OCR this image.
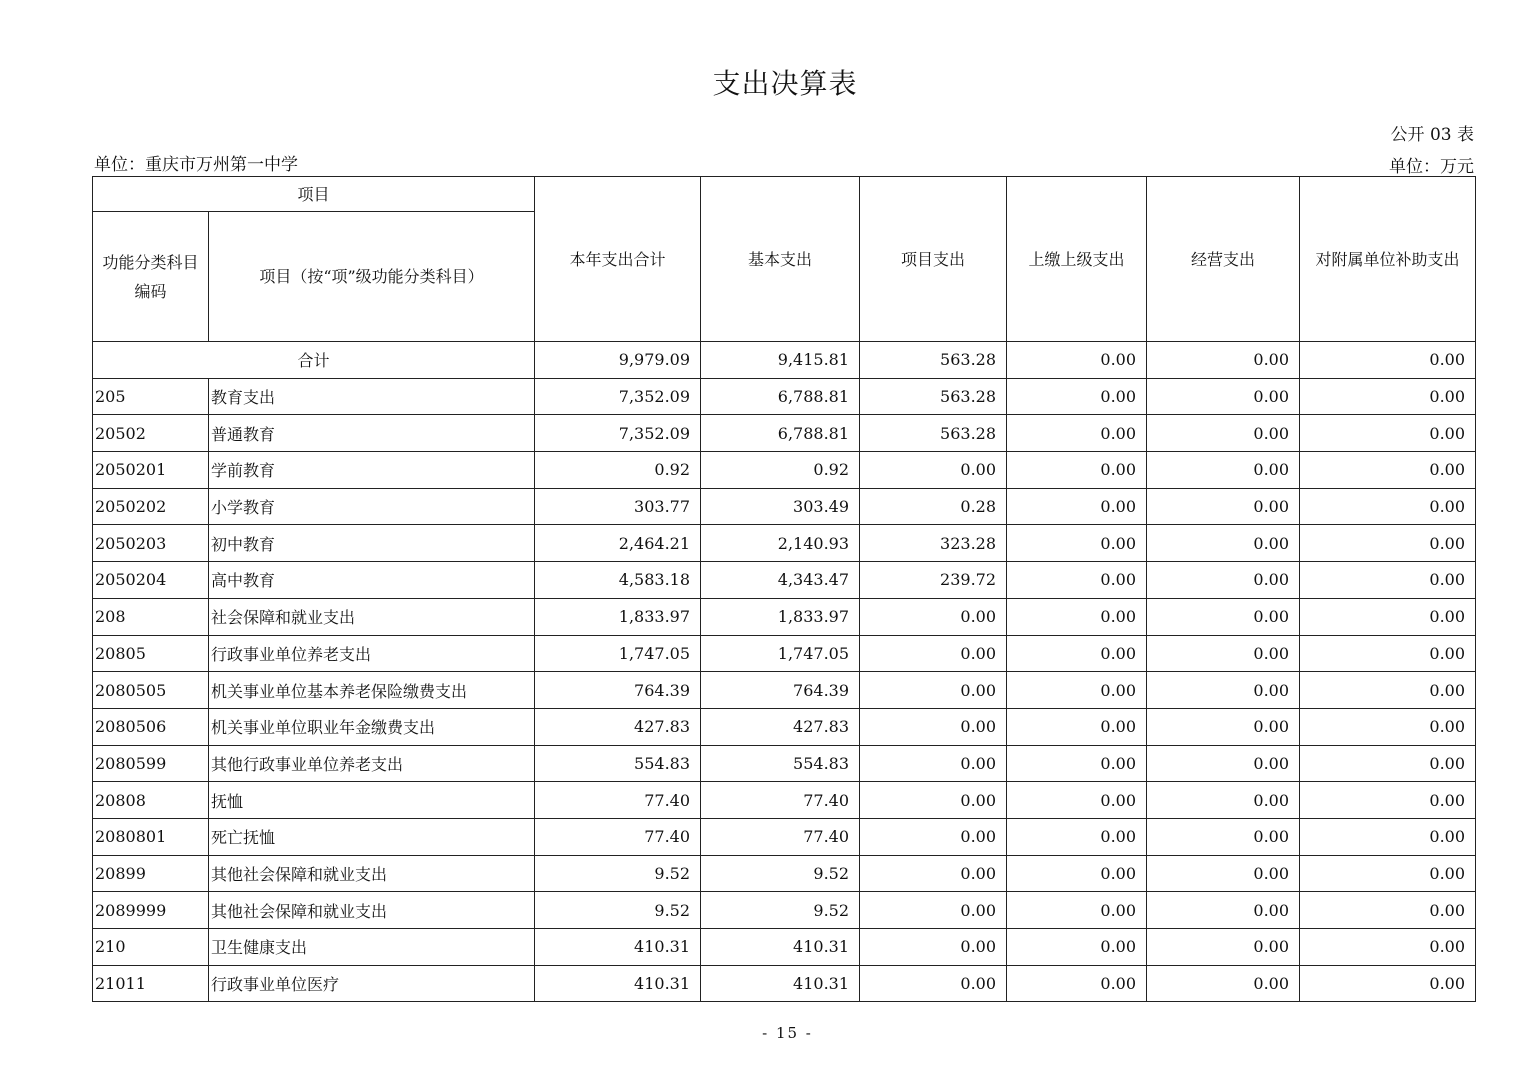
支出决算表
公开 03 表
单位：重庆市万州第一中学	单位：万元
项目		本年支出合计	基本支出	项目支出	上缴上级支出	经营支出	对附属单位补助支出
功能分类科目编码	项目（按“项”级功能分类科目）						
合计		9,979.09	9,415.81	563.28	0.00	0.00	0.00
205	教育支出	7,352.09	6,788.81	563.28	0.00	0.00	0.00
20502	普通教育	7,352.09	6,788.81	563.28	0.00	0.00	0.00
2050201	学前教育	0.92	0.92	0.00	0.00	0.00	0.00
2050202	小学教育	303.77	303.49	0.28	0.00	0.00	0.00
2050203	初中教育	2,464.21	2,140.93	323.28	0.00	0.00	0.00
2050204	高中教育	4,583.18	4,343.47	239.72	0.00	0.00	0.00
208	社会保障和就业支出	1,833.97	1,833.97	0.00	0.00	0.00	0.00
20805	行政事业单位养老支出	1,747.05	1,747.05	0.00	0.00	0.00	0.00
2080505	机关事业单位基本养老保险缴费支出	764.39	764.39	0.00	0.00	0.00	0.00
2080506	机关事业单位职业年金缴费支出	427.83	427.83	0.00	0.00	0.00	0.00
2080599	其他行政事业单位养老支出	554.83	554.83	0.00	0.00	0.00	0.00
20808	抚恤	77.40	77.40	0.00	0.00	0.00	0.00
2080801	死亡抚恤	77.40	77.40	0.00	0.00	0.00	0.00
20899	其他社会保障和就业支出	9.52	9.52	0.00	0.00	0.00	0.00
2089999	其他社会保障和就业支出	9.52	9.52	0.00	0.00	0.00	0.00
210	卫生健康支出	410.31	410.31	0.00	0.00	0.00	0.00
21011	行政事业单位医疗	410.31	410.31	0.00	0.00	0.00	0.00
- 15 -
